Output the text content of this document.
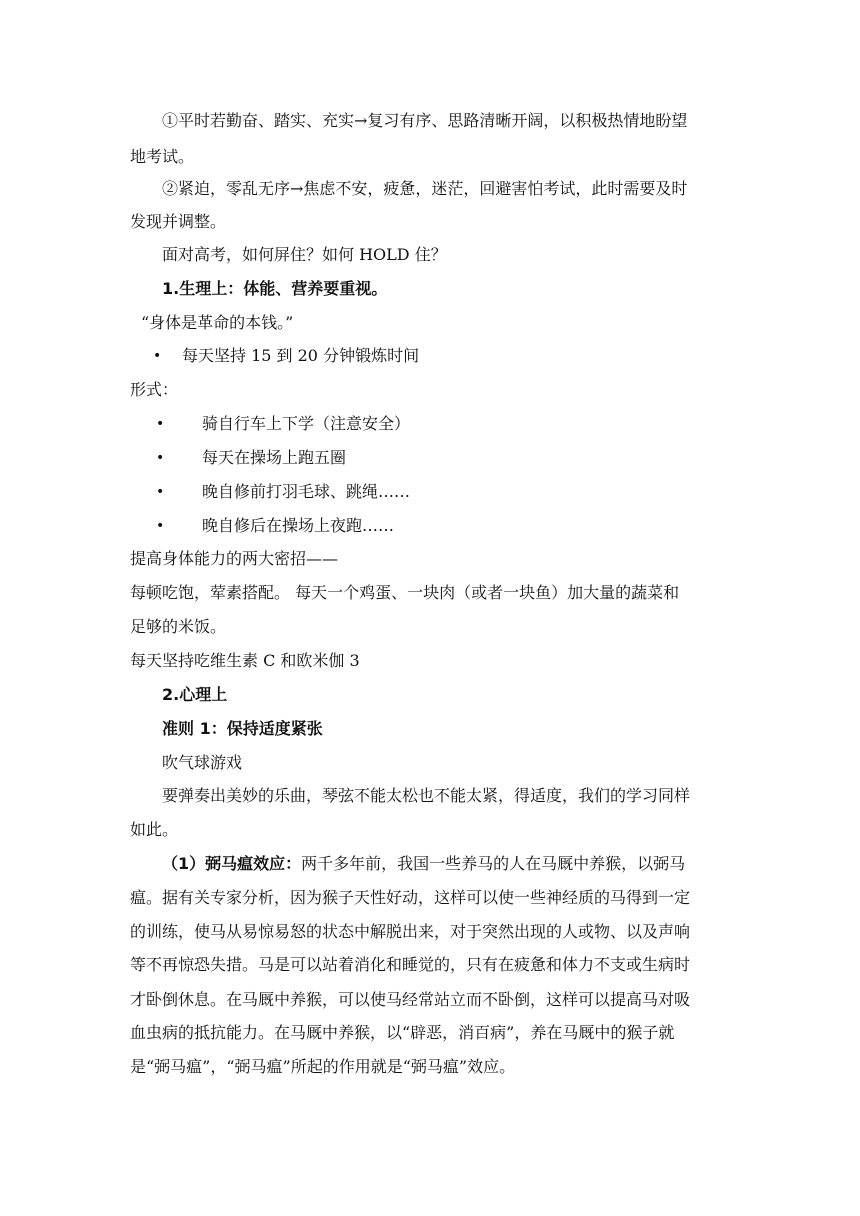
①平时若勤奋、踏实、充实→复习有序、思路清晰开阔，以积极热情地盼望
地考试。
②紧迫，零乱无序→焦虑不安，疲惫，迷茫，回避害怕考试，此时需要及时
发现并调整。
面对高考，如何屏住？如何 HOLD 住？
1.生理上：体能、营养要重视。
“身体是革命的本钱。”
• 每天坚持 15 到 20 分钟锻炼时间
形式：
• 骑自行车上下学（注意安全）
• 每天在操场上跑五圈
• 晚自修前打羽毛球、跳绳……
• 晚自修后在操场上夜跑……
提高身体能力的两大密招——
每顿吃饱，荤素搭配。 每天一个鸡蛋、一块肉（或者一块鱼）加大量的蔬菜和
足够的米饭。
每天坚持吃维生素 C 和欧米伽 3
2.心理上
准则 1：保持适度紧张
吹气球游戏
要弹奏出美妙的乐曲，琴弦不能太松也不能太紧，得适度，我们的学习同样
如此。
（1）弼马瘟效应：两千多年前，我国一些养马的人在马厩中养猴，以弼马
瘟。据有关专家分析，因为猴子天性好动，这样可以使一些神经质的马得到一定
的训练，使马从易惊易怒的状态中解脱出来，对于突然出现的人或物、以及声响
等不再惊恐失措。马是可以站着消化和睡觉的，只有在疲惫和体力不支或生病时
才卧倒休息。在马厩中养猴，可以使马经常站立而不卧倒，这样可以提高马对吸
血虫病的抵抗能力。在马厩中养猴，以“辟恶，消百病”，养在马厩中的猴子就
是“弼马瘟”，“弼马瘟”所起的作用就是“弼马瘟”效应。
